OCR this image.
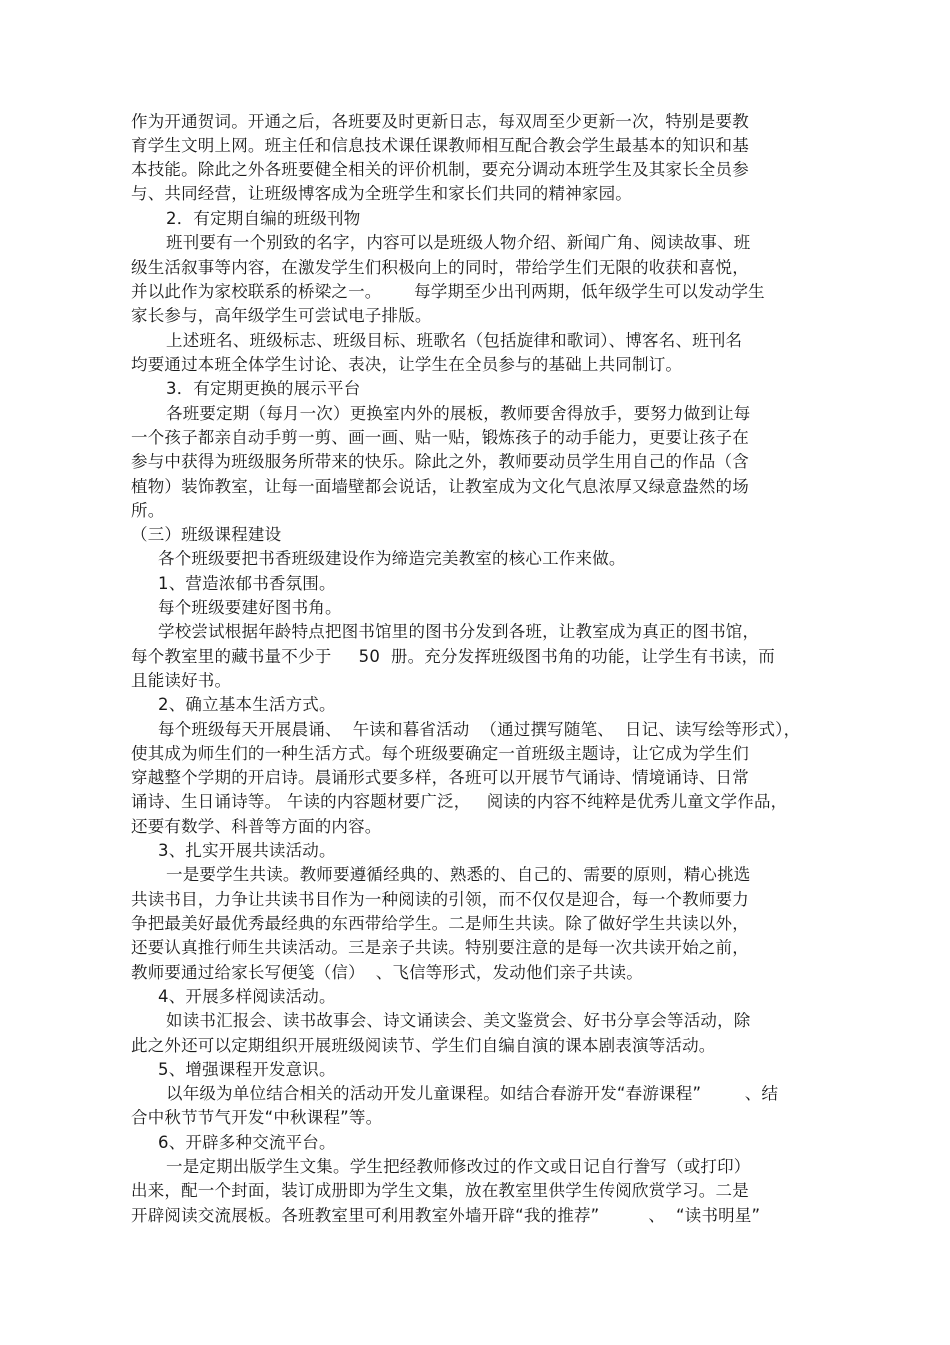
作为开通贺词。开通之后，各班要及时更新日志，每双周至少更新一次，特别是要教
育学生文明上网。班主任和信息技术课任课教师相互配合教会学生最基本的知识和基
本技能。除此之外各班要健全相关的评价机制，要充分调动本班学生及其家长全员参
与、共同经营，让班级博客成为全班学生和家长们共同的精神家园。
2．有定期自编的班级刊物
班刊要有一个别致的名字，内容可以是班级人物介绍、新闻广角、阅读故事、班
级生活叙事等内容，在激发学生们积极向上的同时，带给学生们无限的收获和喜悦，
并以此作为家校联系的桥梁之一。      每学期至少出刊两期，低年级学生可以发动学生
家长参与，高年级学生可尝试电子排版。
上述班名、班级标志、班级目标、班歌名（包括旋律和歌词）、博客名、班刊名
均要通过本班全体学生讨论、表决，让学生在全员参与的基础上共同制订。
3．有定期更换的展示平台
各班要定期（每月一次）更换室内外的展板，教师要舍得放手，要努力做到让每
一个孩子都亲自动手剪一剪、画一画、贴一贴，锻炼孩子的动手能力，更要让孩子在
参与中获得为班级服务所带来的快乐。除此之外，教师要动员学生用自己的作品（含
植物）装饰教室，让每一面墙壁都会说话，让教室成为文化气息浓厚又绿意盎然的场
所。
（三）班级课程建设
各个班级要把书香班级建设作为缔造完美教室的核心工作来做。
1、营造浓郁书香氛围。
每个班级要建好图书角。
学校尝试根据年龄特点把图书馆里的图书分发到各班，让教室成为真正的图书馆，
每个教室里的藏书量不少于     50  册。充分发挥班级图书角的功能，让学生有书读，而
且能读好书。
2、确立基本生活方式。
每个班级每天开展晨诵、  午读和暮省活动  （通过撰写随笔、  日记、读写绘等形式），
使其成为师生们的一种生活方式。每个班级要确定一首班级主题诗，让它成为学生们
穿越整个学期的开启诗。晨诵形式要多样，各班可以开展节气诵诗、情境诵诗、日常
诵诗、生日诵诗等。 午读的内容题材要广泛，   阅读的内容不纯粹是优秀儿童文学作品，
还要有数学、科普等方面的内容。
3、扎实开展共读活动。
一是要学生共读。教师要遵循经典的、熟悉的、自己的、需要的原则，精心挑选
共读书目，力争让共读书目作为一种阅读的引领，而不仅仅是迎合，每一个教师要力
争把最美好最优秀最经典的东西带给学生。二是师生共读。除了做好学生共读以外，
还要认真推行师生共读活动。三是亲子共读。特别要注意的是每一次共读开始之前，
教师要通过给家长写便笺（信）  、飞信等形式，发动他们亲子共读。
4、开展多样阅读活动。
如读书汇报会、读书故事会、诗文诵读会、美文鉴赏会、好书分享会等活动，除
此之外还可以定期组织开展班级阅读节、学生们自编自演的课本剧表演等活动。
5、增强课程开发意识。
以年级为单位结合相关的活动开发儿童课程。如结合春游开发“春游课程”        、结
合中秋节节气开发“中秋课程”等。
6、开辟多种交流平台。
一是定期出版学生文集。学生把经教师修改过的作文或日记自行誊写（或打印）
出来，配一个封面，装订成册即为学生文集，放在教室里供学生传阅欣赏学习。二是
开辟阅读交流展板。各班教室里可利用教室外墙开辟“我的推荐”         、  “读书明星”
